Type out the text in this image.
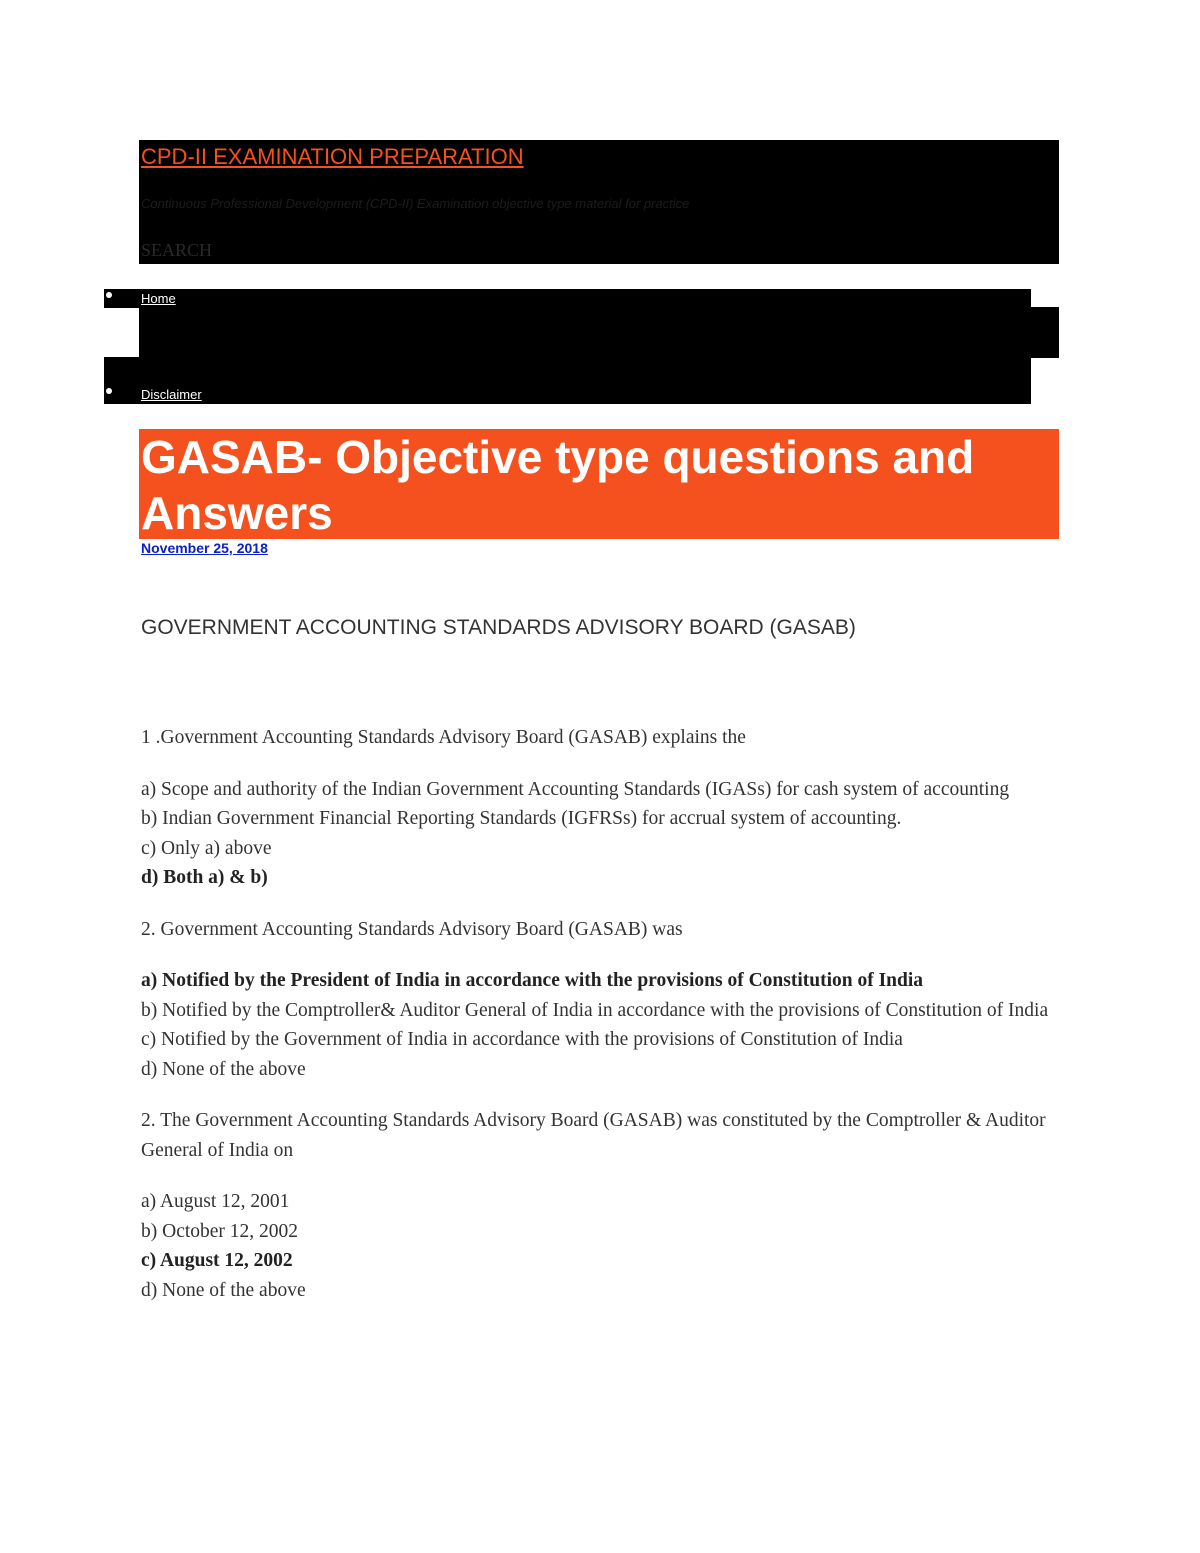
CPD-II EXAMINATION PREPARATION
Continuous Professional Development (CPD-II) Examination objective type material for practice
SEARCH
Home
Disclaimer
GASAB- Objective type questions and Answers
November 25, 2018
GOVERNMENT ACCOUNTING STANDARDS ADVISORY BOARD (GASAB)

1 .Government Accounting Standards Advisory Board (GASAB) explains the

a) Scope and authority of the Indian Government Accounting Standards (IGASs) for cash system of accounting
b) Indian Government Financial Reporting Standards (IGFRSs) for accrual system of accounting.
c) Only a) above
d) Both a) & b)

2. Government Accounting Standards Advisory Board (GASAB) was

a) Notified by the President of India in accordance with the provisions of Constitution of India
b) Notified by the Comptroller& Auditor General of India in accordance with the provisions of Constitution of India
c) Notified by the Government of India in accordance with the provisions of Constitution of India
d) None of the above

2. The Government Accounting Standards Advisory Board (GASAB) was constituted by the Comptroller & Auditor General of India on

a) August 12, 2001
b) October 12, 2002
c) August 12, 2002
d) None of the above
